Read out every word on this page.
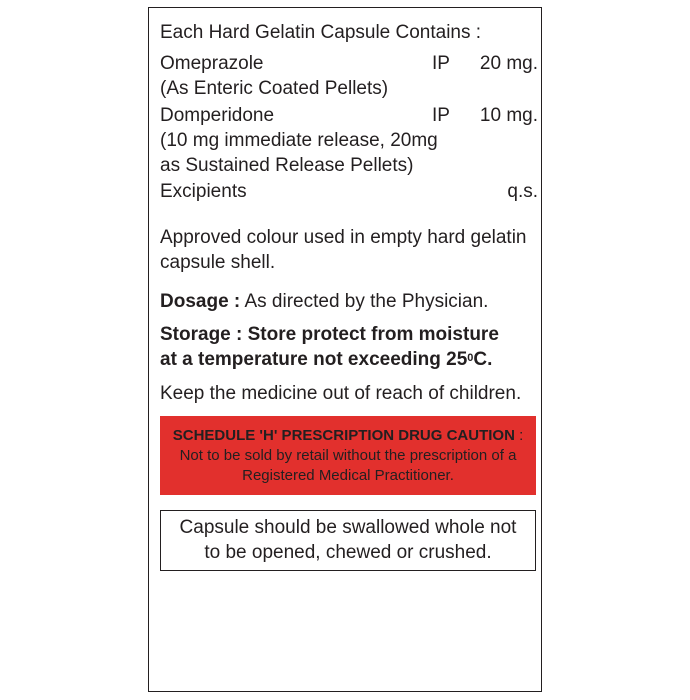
Each Hard Gelatin Capsule Contains :
Omeprazole	IP 20 mg.
(As Enteric Coated Pellets)
Domperidone	IP 10 mg.
(10 mg immediate release, 20mg
as Sustained Release Pellets)
Excipients	q.s.
Approved colour used in empty hard gelatin
capsule shell.
Dosage : As directed by the Physician.
Storage : Store protect from moisture
at a temperature not exceeding $25^0C$.
Keep the medicine out of reach of children.
SCHEDULE 'H' PRESCRIPTION DRUG CAUTION :
Not to be sold by retail without the prescription of a
Registered Medical Practitioner.
Capsule should be swallowed whole not
to be opened, chewed or crushed.
